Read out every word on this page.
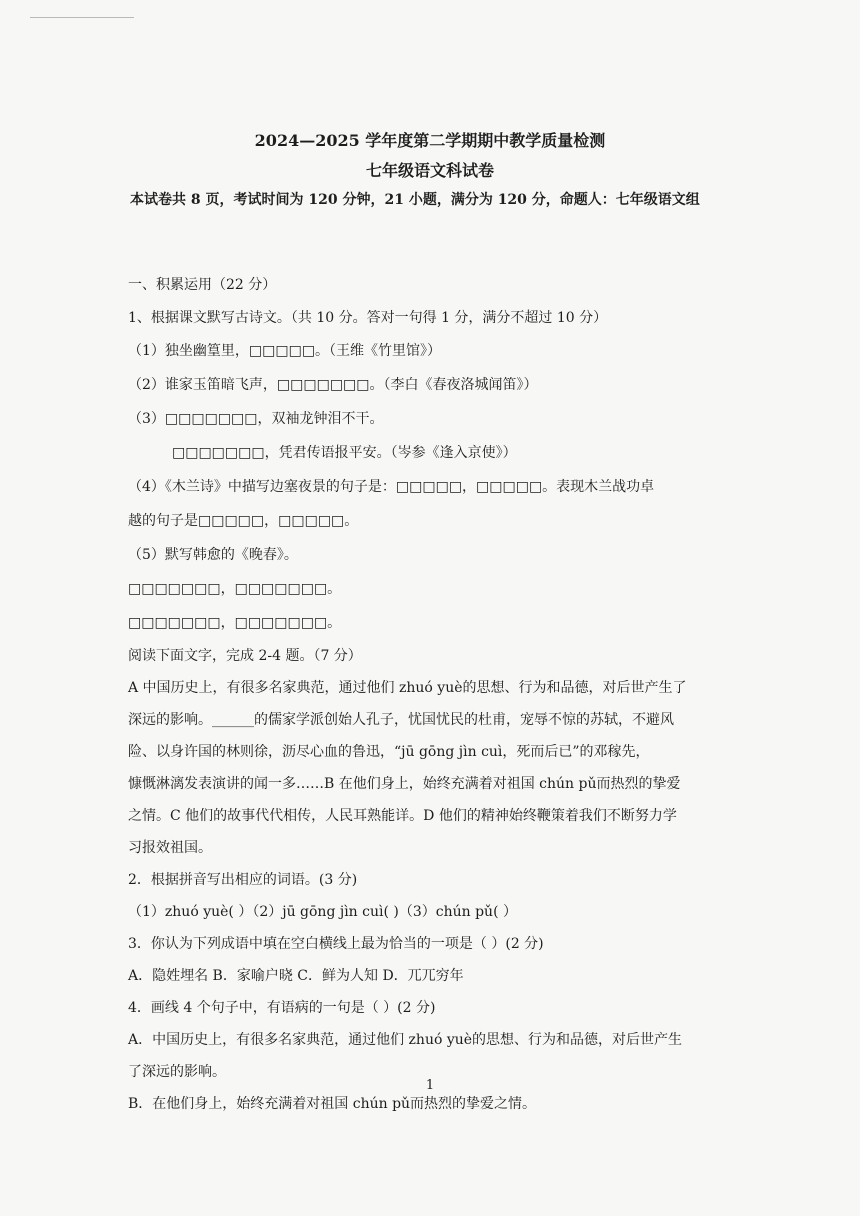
2024—2025 学年度第二学期期中教学质量检测
七年级语文科试卷
本试卷共 8 页，考试时间为 120 分钟，21 小题，满分为 120 分，命题人：七年级语文组
一、积累运用（22 分）
1、根据课文默写古诗文。（共 10 分。答对一句得 1 分，满分不超过 10 分）
（1）独坐幽篁里，□□□□□。（王维《竹里馆》）
（2）谁家玉笛暗飞声，□□□□□□□。（李白《春夜洛城闻笛》）
（3）□□□□□□□，双袖龙钟泪不干。
□□□□□□□，凭君传语报平安。（岑参《逢入京使》）
（4）《木兰诗》中描写边塞夜景的句子是：□□□□□，□□□□□。表现木兰战功卓
越的句子是□□□□□，□□□□□。
（5）默写韩愈的《晚春》。
□□□□□□□，□□□□□□□。
□□□□□□□，□□□□□□□。
阅读下面文字，完成 2-4 题。（7 分）
A 中国历史上，有很多名家典范，通过他们 zhuó yuè的思想、行为和品德，对后世产生了
深远的影响。______的儒家学派创始人孔子，忧国忧民的杜甫，宠辱不惊的苏轼，不避风
险、以身许国的林则徐，沥尽心血的鲁迅，“jū gōng jìn cuì，死而后已”的邓稼先，
慷慨淋漓发表演讲的闻一多……B 在他们身上，始终充满着对祖国 chún pǔ而热烈的挚爱
之情。C 他们的故事代代相传，人民耳熟能详。D 他们的精神始终鞭策着我们不断努力学
习报效祖国。
2．根据拼音写出相应的词语。(3 分)
（1）zhuó yuè( ）（2）jū gōng jìn cuì( )（3）chún pǔ( ）
3．你认为下列成语中填在空白横线上最为恰当的一项是（ ）(2 分)
A．隐姓埋名 B．家喻户晓 C．鲜为人知 D．兀兀穷年
4．画线 4 个句子中，有语病的一句是（ ）(2 分)
A．中国历史上，有很多名家典范，通过他们 zhuó yuè的思想、行为和品德，对后世产生
了深远的影响。
B．在他们身上，始终充满着对祖国 chún pǔ而热烈的挚爱之情。
1
